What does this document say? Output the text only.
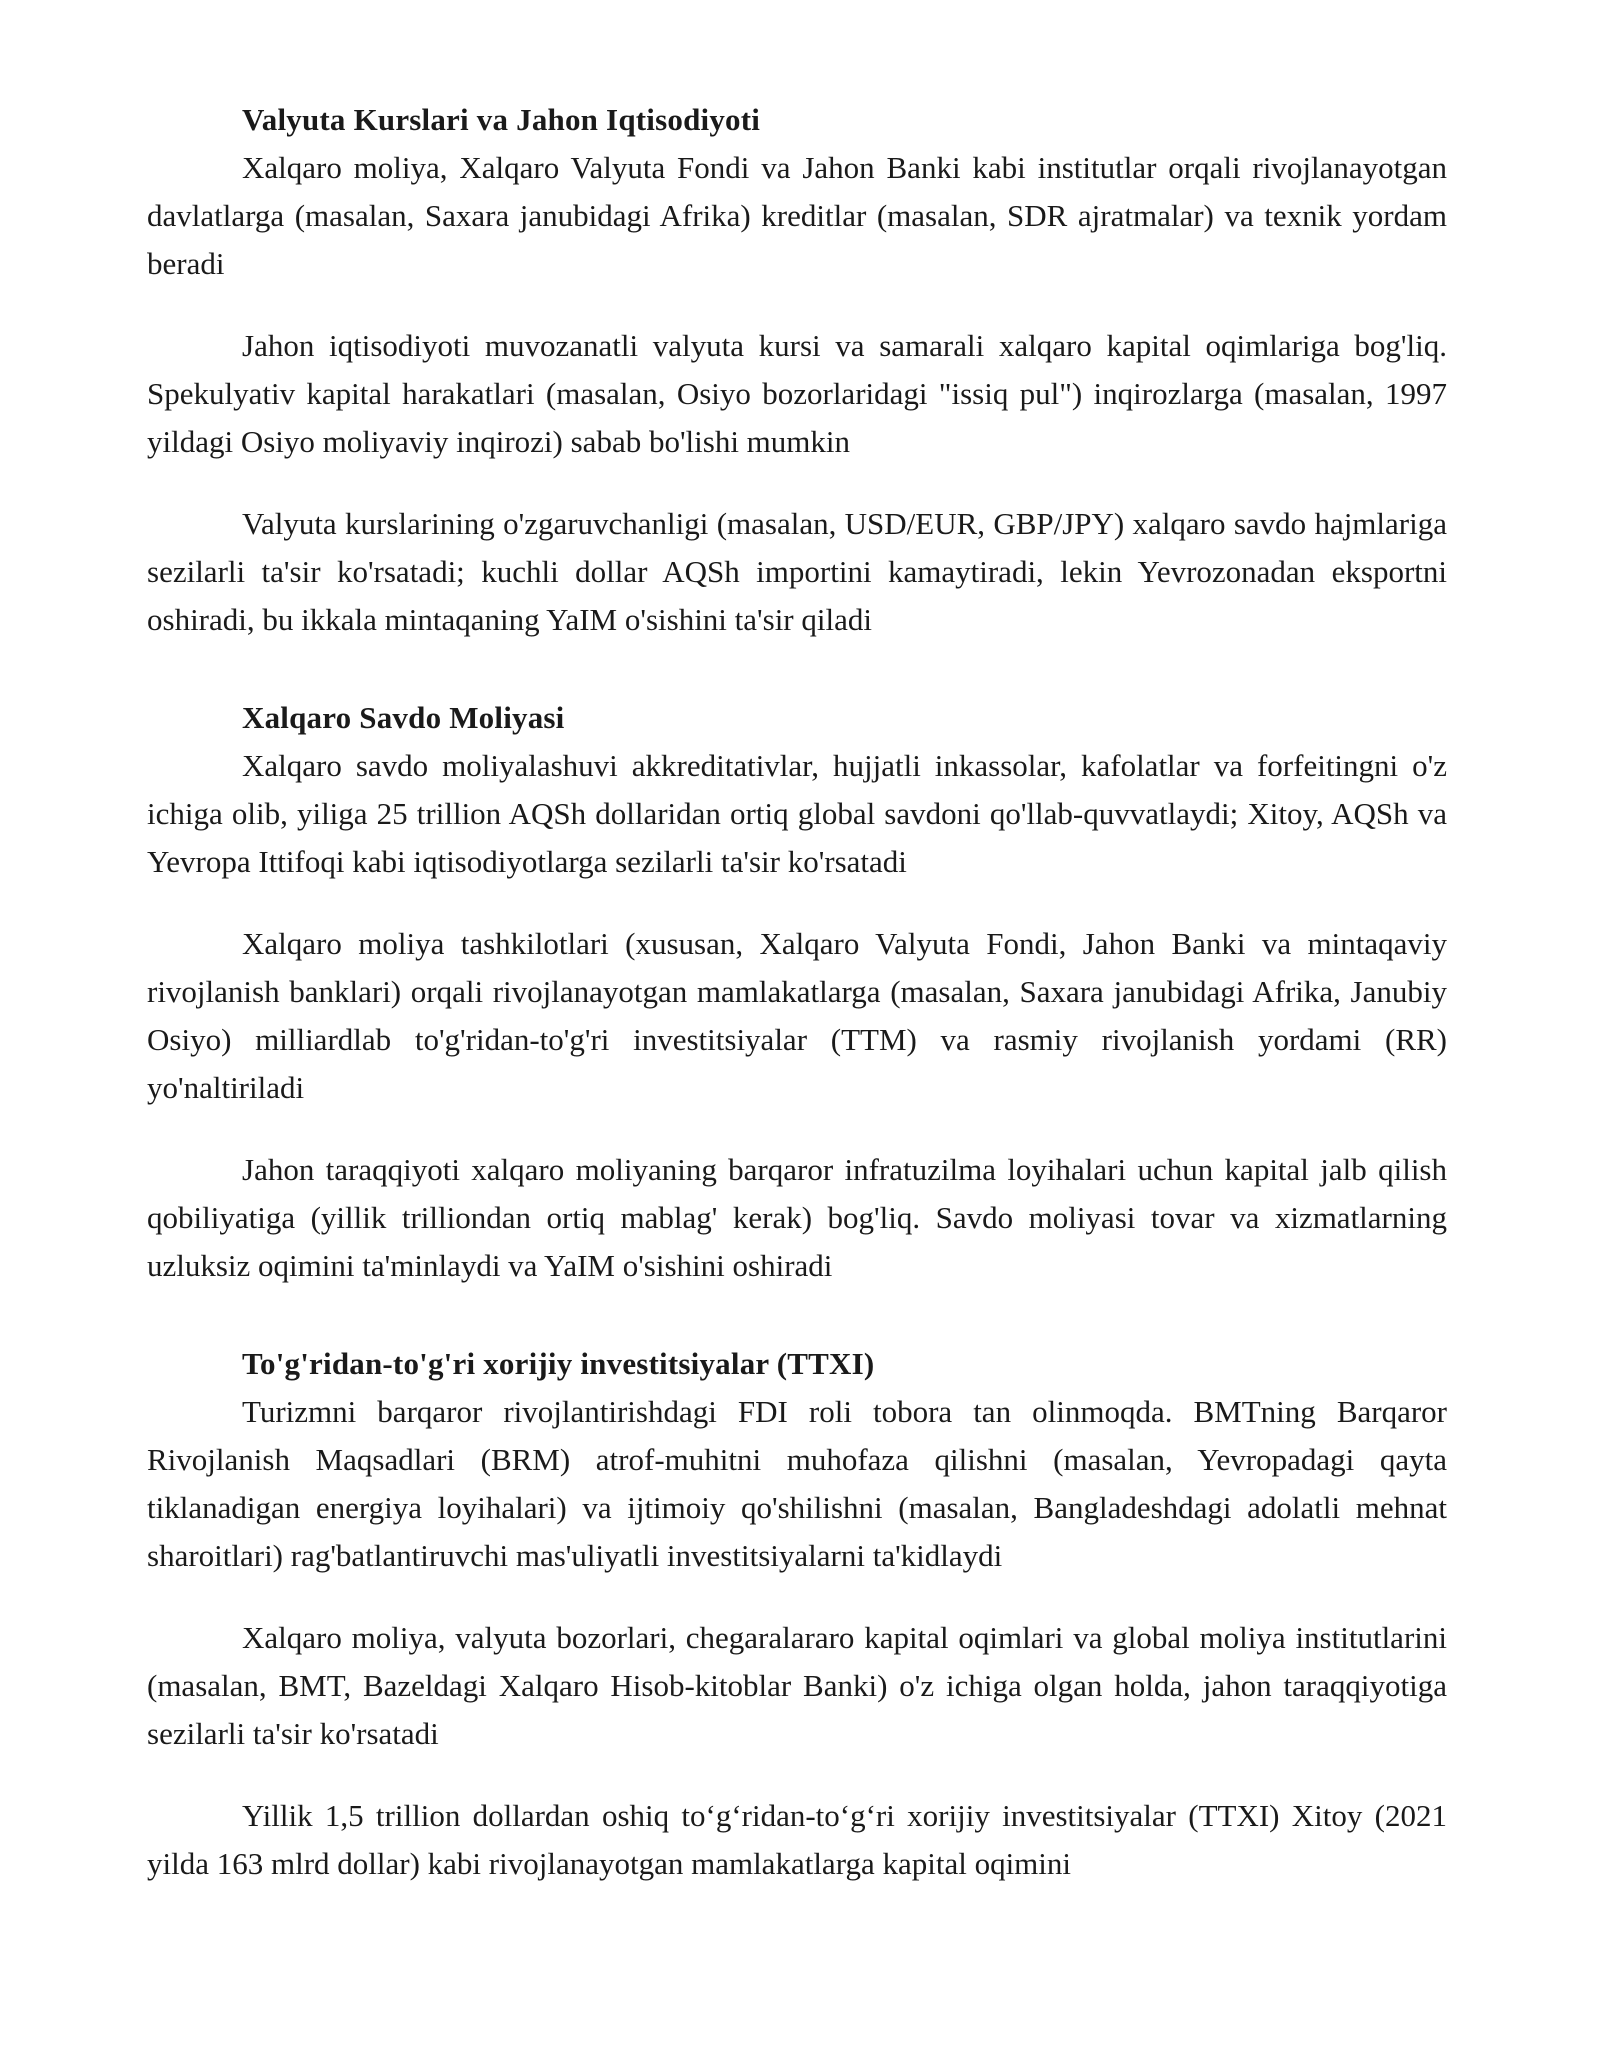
Valyuta Kurslari va Jahon Iqtisodiyoti

Xalqaro moliya, Xalqaro Valyuta Fondi va Jahon Banki kabi institutlar orqali rivojlanayotgan davlatlarga (masalan, Saxara janubidagi Afrika) kreditlar (masalan, SDR ajratmalar) va texnik yordam beradi

Jahon iqtisodiyoti muvozanatli valyuta kursi va samarali xalqaro kapital oqimlariga bog'liq. Spekulyativ kapital harakatlari (masalan, Osiyo bozorlaridagi "issiq pul") inqirozlarga (masalan, 1997 yildagi Osiyo moliyaviy inqirozi) sabab bo'lishi mumkin

Valyuta kurslarining o'zgaruvchanligi (masalan, USD/EUR, GBP/JPY) xalqaro savdo hajmlariga sezilarli ta'sir ko'rsatadi; kuchli dollar AQSh importini kamaytiradi, lekin Yevrozonadan eksportni oshiradi, bu ikkala mintaqaning YaIM o'sishini ta'sir qiladi

Xalqaro Savdo Moliyasi

Xalqaro savdo moliyalashuvi akkreditativlar, hujjatli inkassolar, kafolatlar va forfeitingni o'z ichiga olib, yiliga 25 trillion AQSh dollaridan ortiq global savdoni qo'llab-quvvatlaydi; Xitoy, AQSh va Yevropa Ittifoqi kabi iqtisodiyotlarga sezilarli ta'sir ko'rsatadi

Xalqaro moliya tashkilotlari (xususan, Xalqaro Valyuta Fondi, Jahon Banki va mintaqaviy rivojlanish banklari) orqali rivojlanayotgan mamlakatlarga (masalan, Saxara janubidagi Afrika, Janubiy Osiyo) milliardlab to'g'ridan-to'g'ri investitsiyalar (TTM) va rasmiy rivojlanish yordami (RR) yo'naltiriladi

Jahon taraqqiyoti xalqaro moliyaning barqaror infratuzilma loyihalari uchun kapital jalb qilish qobiliyatiga (yillik trilliondan ortiq mablag' kerak) bog'liq. Savdo moliyasi tovar va xizmatlarning uzluksiz oqimini ta'minlaydi va YaIM o'sishini oshiradi

To'g'ridan-to'g'ri xorijiy investitsiyalar (TTXI)

Turizmni barqaror rivojlantirishdagi FDI roli tobora tan olinmoqda. BMTning Barqaror Rivojlanish Maqsadlari (BRM) atrof-muhitni muhofaza qilishni (masalan, Yevropadagi qayta tiklanadigan energiya loyihalari) va ijtimoiy qo'shilishni (masalan, Bangladeshdagi adolatli mehnat sharoitlari) rag'batlantiruvchi mas'uliyatli investitsiyalarni ta'kidlaydi

Xalqaro moliya, valyuta bozorlari, chegaralararo kapital oqimlari va global moliya institutlarini (masalan, BMT, Bazeldagi Xalqaro Hisob-kitoblar Banki) o'z ichiga olgan holda, jahon taraqqiyotiga sezilarli ta'sir ko'rsatadi

Yillik 1,5 trillion dollardan oshiq to‘g‘ridan-to‘g‘ri xorijiy investitsiyalar (TTXI) Xitoy (2021 yilda 163 mlrd dollar) kabi rivojlanayotgan mamlakatlarga kapital oqimini
